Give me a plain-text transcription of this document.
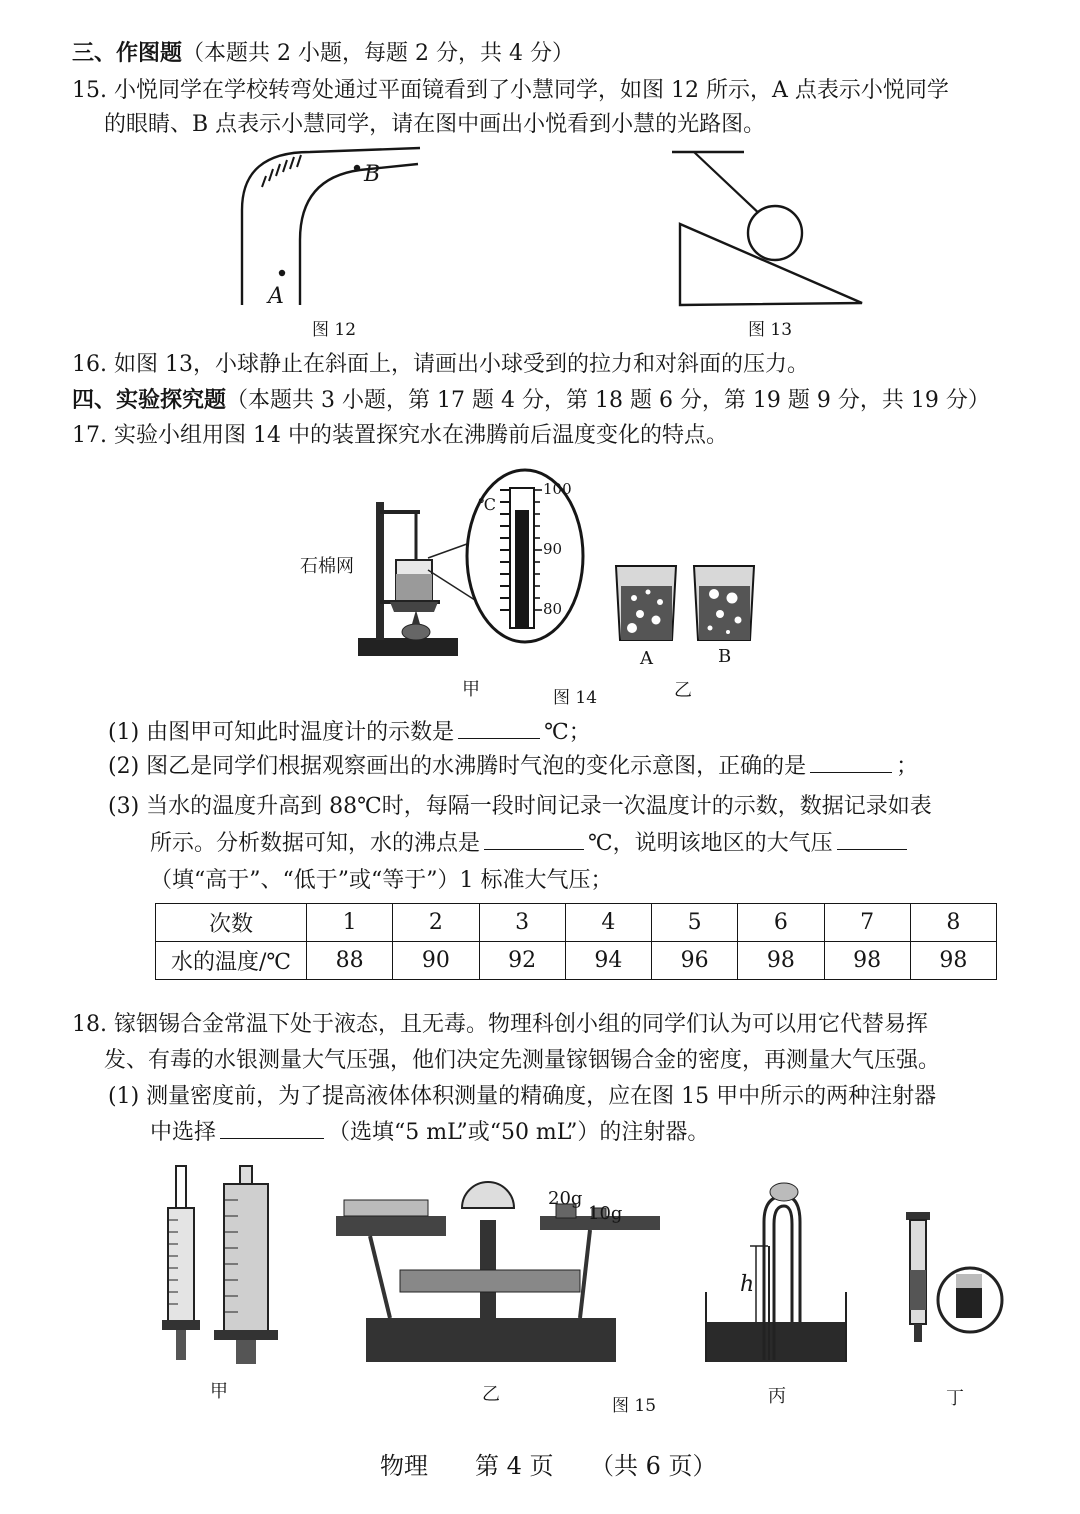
三、作图题（本题共 2 小题，每题 2 分，共 4 分）
15. 小悦同学在学校转弯处通过平面镜看到了小慧同学，如图 12 所示，A 点表示小悦同学
的眼睛、B 点表示小慧同学，请在图中画出小悦看到小慧的光路图。
B
A
图 12	图 13
16. 如图 13，小球静止在斜面上，请画出小球受到的拉力和对斜面的压力。
四、实验探究题（本题共 3 小题，第 17 题 4 分，第 18 题 6 分，第 19 题 9 分，共 19 分）
17. 实验小组用图 14 中的装置探究水在沸腾前后温度变化的特点。
℃
100
90
80
石棉网
A	B
甲	乙
图 14
(1) 由图甲可知此时温度计的示数是	℃；
(2) 图乙是同学们根据观察画出的水沸腾时气泡的变化示意图，正确的是	；
(3) 当水的温度升高到 88℃时，每隔一段时间记录一次温度计的示数，数据记录如表
所示。分析数据可知，水的沸点是	℃，说明该地区的大气压
（填“高于”、“低于”或“等于”）1 标准大气压；
次数	1	2	3	4	5	6	7	8
水的温度/℃	88	90	92	94	96	98	98	98
18. 镓铟锡合金常温下处于液态，且无毒。物理科创小组的同学们认为可以用它代替易挥
发、有毒的水银测量大气压强，他们决定先测量镓铟锡合金的密度，再测量大气压强。
(1) 测量密度前，为了提高液体体积测量的精确度，应在图 15 甲中所示的两种注射器
中选择	（选填“5 mL”或“50 mL”）的注射器。
20g
10g
h
甲	乙
图 15	丙	丁
物理 第 4 页 （共 6 页）
